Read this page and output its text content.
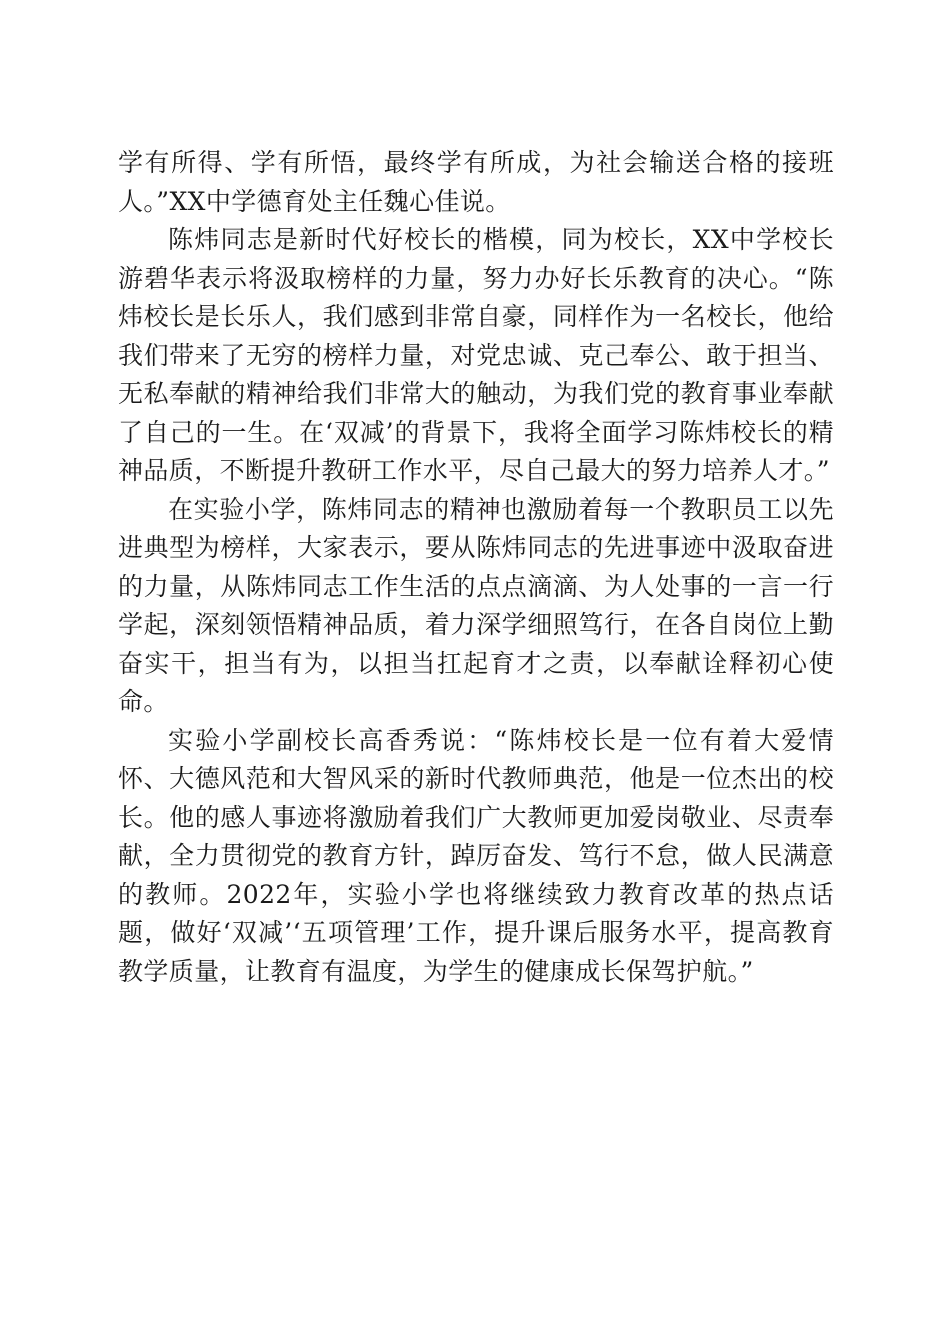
学有所得、学有所悟，最终学有所成，为社会输送合格的接班人。”XX中学德育处主任魏心佳说。

陈炜同志是新时代好校长的楷模，同为校长，XX中学校长游碧华表示将汲取榜样的力量，努力办好长乐教育的决心。“陈炜校长是长乐人，我们感到非常自豪，同样作为一名校长，他给我们带来了无穷的榜样力量，对党忠诚、克己奉公、敢于担当、无私奉献的精神给我们非常大的触动，为我们党的教育事业奉献了自己的一生。在‘双减’的背景下，我将全面学习陈炜校长的精神品质，不断提升教研工作水平，尽自己最大的努力培养人才。”

在实验小学，陈炜同志的精神也激励着每一个教职员工以先进典型为榜样，大家表示，要从陈炜同志的先进事迹中汲取奋进的力量，从陈炜同志工作生活的点点滴滴、为人处事的一言一行学起，深刻领悟精神品质，着力深学细照笃行，在各自岗位上勤奋实干，担当有为，以担当扛起育才之责，以奉献诠释初心使命。

实验小学副校长高香秀说：“陈炜校长是一位有着大爱情怀、大德风范和大智风采的新时代教师典范，他是一位杰出的校长。他的感人事迹将激励着我们广大教师更加爱岗敬业、尽责奉献，全力贯彻党的教育方针，踔厉奋发、笃行不怠，做人民满意的教师。2022年，实验小学也将继续致力教育改革的热点话题，做好‘双减’‘五项管理’工作，提升课后服务水平，提高教育教学质量，让教育有温度，为学生的健康成长保驾护航。”
